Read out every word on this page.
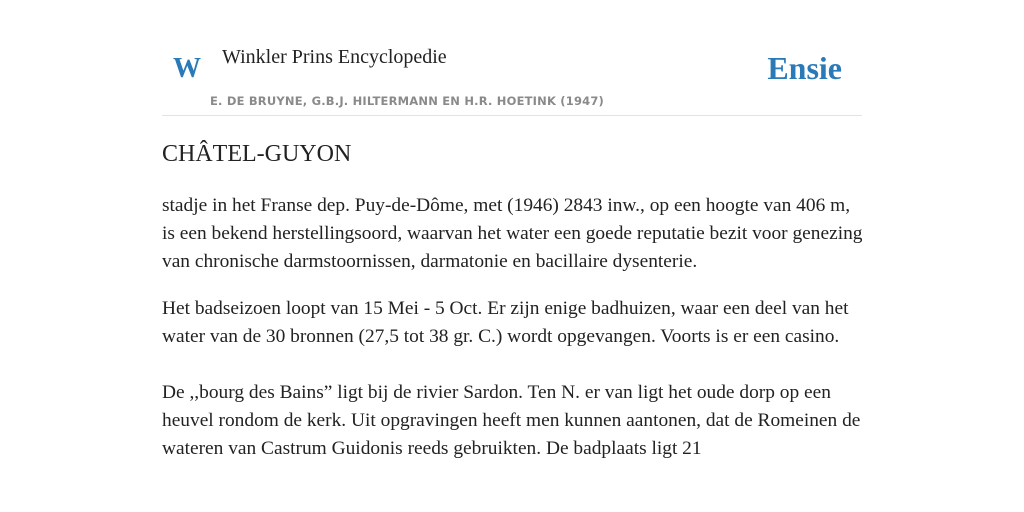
W Winkler Prins Encyclopedie
E. DE BRUYNE, G.B.J. HILTERMANN EN H.R. HOETINK (1947)
Ensie
CHÂTEL-GUYON

stadje in het Franse dep. Puy-de-Dôme, met (1946) 2843 inw., op een hoogte van 406 m, is een bekend herstellingsoord, waarvan het water een goede reputatie bezit voor genezing van chronische darmstoornissen, darmatonie en bacillaire dysenterie.

Het badseizoen loopt van 15 Mei - 5 Oct. Er zijn enige badhuizen, waar een deel van het water van de 30 bronnen (27,5 tot 38 gr. C.) wordt opgevangen. Voorts is er een casino.

De ,,bourg des Bains” ligt bij de rivier Sardon. Ten N. er van ligt het oude dorp op een heuvel rondom de kerk. Uit opgravingen heeft men kunnen aantonen, dat de Romeinen de wateren van Castrum Guidonis reeds gebruikten. De badplaats ligt 21
